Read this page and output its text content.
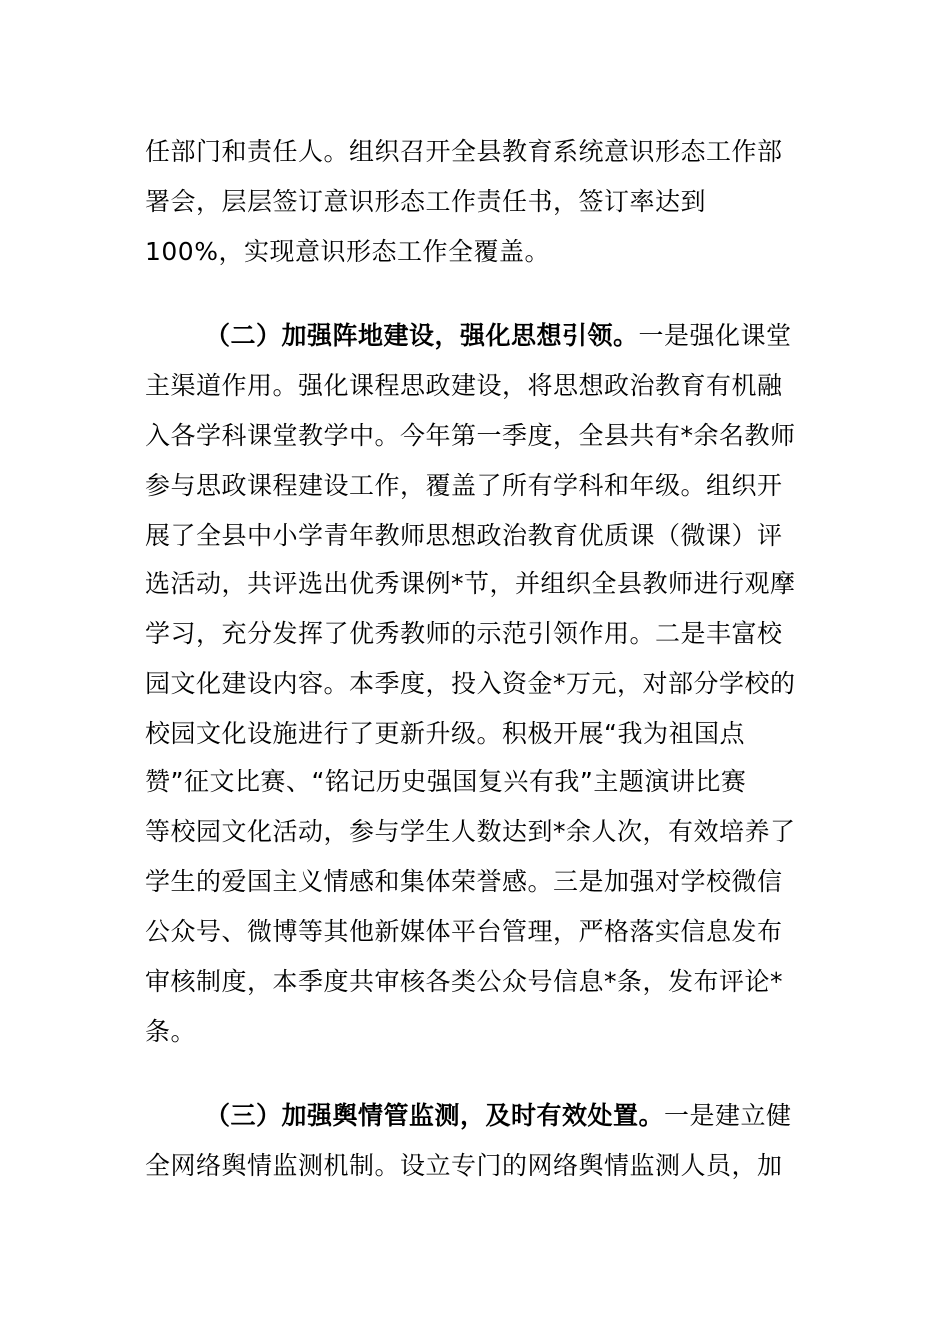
任部门和责任人。组织召开全县教育系统意识形态工作部
署会，层层签订意识形态工作责任书，签订率达到
100%，实现意识形态工作全覆盖。
（二）加强阵地建设，强化思想引领。一是强化课堂
主渠道作用。强化课程思政建设，将思想政治教育有机融
入各学科课堂教学中。今年第一季度，全县共有*余名教师
参与思政课程建设工作，覆盖了所有学科和年级。组织开
展了全县中小学青年教师思想政治教育优质课（微课）评
选活动，共评选出优秀课例*节，并组织全县教师进行观摩
学习，充分发挥了优秀教师的示范引领作用。二是丰富校
园文化建设内容。本季度，投入资金*万元，对部分学校的
校园文化设施进行了更新升级。积极开展“我为祖国点
赞”征文比赛、“铭记历史强国复兴有我”主题演讲比赛
等校园文化活动，参与学生人数达到*余人次，有效培养了
学生的爱国主义情感和集体荣誉感。三是加强对学校微信
公众号、微博等其他新媒体平台管理，严格落实信息发布
审核制度，本季度共审核各类公众号信息*条，发布评论*
条。
（三）加强舆情管监测，及时有效处置。一是建立健
全网络舆情监测机制。设立专门的网络舆情监测人员，加
